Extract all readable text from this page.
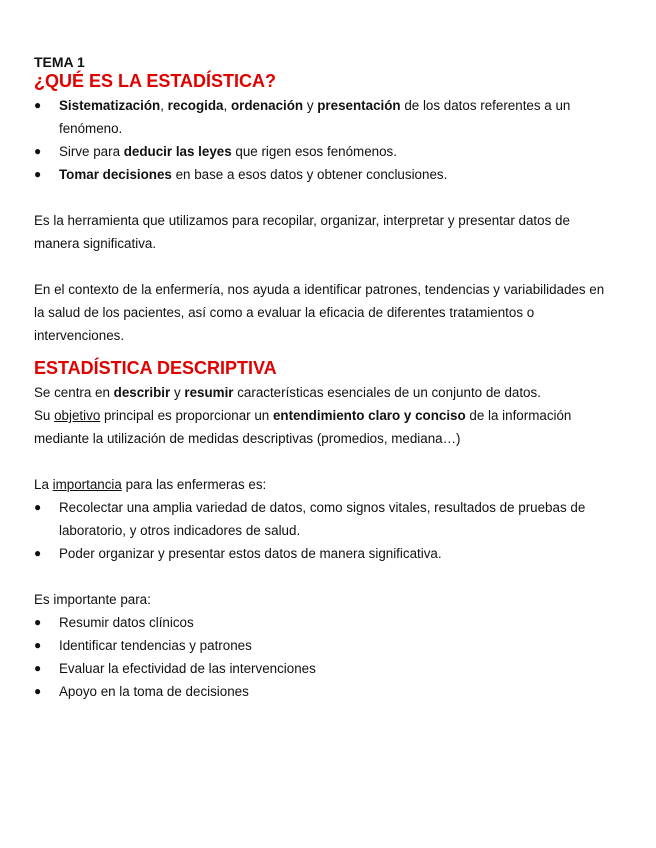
TEMA 1

¿QUÉ ES LA ESTADÍSTICA?
●	Sistematización, recogida, ordenación y presentación de los datos referentes a un fenómeno.
●	Sirve para deducir las leyes que rigen esos fenómenos.
●	Tomar decisiones en base a esos datos y obtener conclusiones.

Es la herramienta que utilizamos para recopilar, organizar, interpretar y presentar datos de manera significativa.

En el contexto de la enfermería, nos ayuda a identificar patrones, tendencias y variabilidades en la salud de los pacientes, así como a evaluar la eficacia de diferentes tratamientos o intervenciones.

ESTADÍSTICA DESCRIPTIVA

Se centra en describir y resumir características esenciales de un conjunto de datos.

Su objetivo principal es proporcionar un entendimiento claro y conciso de la información mediante la utilización de medidas descriptivas (promedios, mediana…)

La importancia para las enfermeras es:

●	Recolectar una amplia variedad de datos, como signos vitales, resultados de pruebas de laboratorio, y otros indicadores de salud.
●	Poder organizar y presentar estos datos de manera significativa.

Es importante para:

●	Resumir datos clínicos
●	Identificar tendencias y patrones
●	Evaluar la efectividad de las intervenciones
●	Apoyo en la toma de decisiones
